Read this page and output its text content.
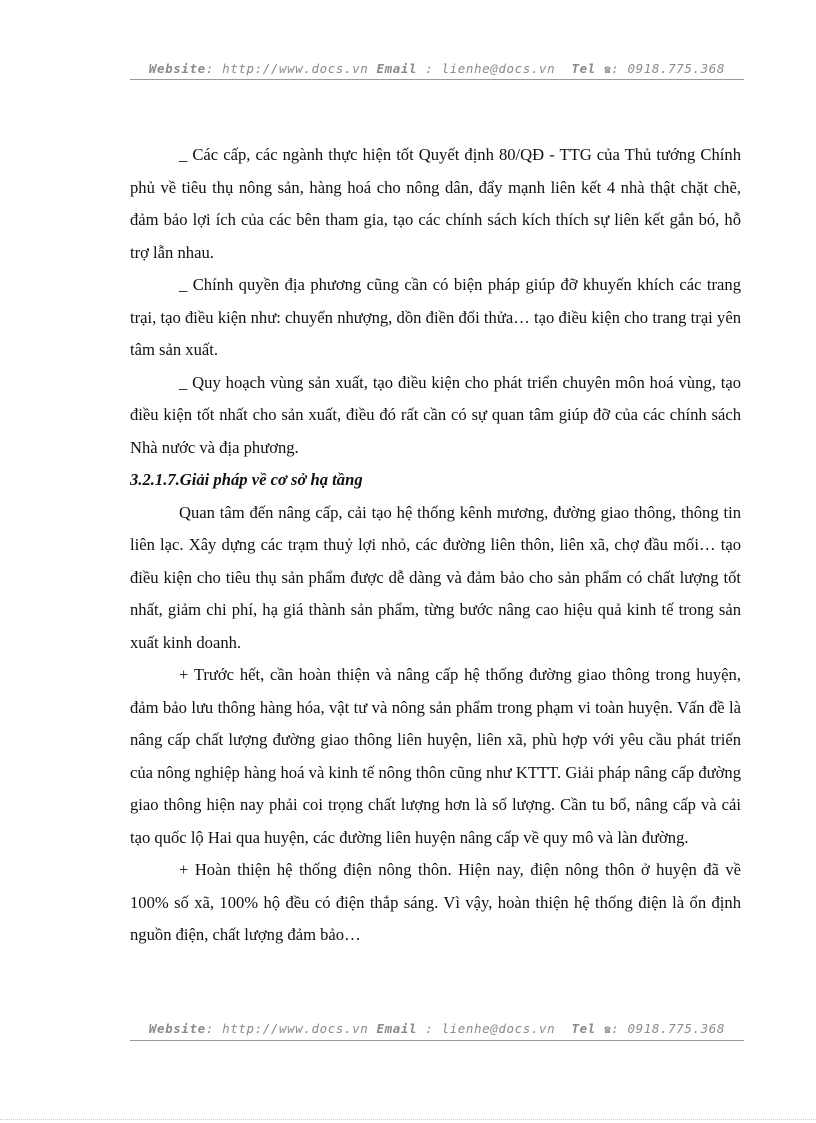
Website: http://www.docs.vn Email : lienhe@docs.vn Tel ☎: 0918.775.368

_ Các cấp, các ngành thực hiện tốt Quyết định 80/QĐ - TTG của Thủ tướng Chính phủ về tiêu thụ nông sản, hàng hoá cho nông dân, đẩy mạnh liên kết 4 nhà thật chặt chẽ, đảm bảo lợi ích của các bên tham gia, tạo các chính sách kích thích sự liên kết gắn bó, hỗ trợ lẫn nhau.

_ Chính quyền địa phương cũng cần có biện pháp giúp đỡ khuyến khích các trang trại, tạo điều kiện như: chuyển nhượng, dồn điền đổi thửa… tạo điều kiện cho trang trại yên tâm sản xuất.

_ Quy hoạch vùng sản xuất, tạo điều kiện cho phát triển chuyên môn hoá vùng, tạo điều kiện tốt nhất cho sản xuất, điều đó rất cần có sự quan tâm giúp đỡ của các chính sách Nhà nước và địa phương.

3.2.1.7.Giải pháp về cơ sở hạ tầng

Quan tâm đến nâng cấp, cải tạo hệ thống kênh mương, đường giao thông, thông tin liên lạc. Xây dựng các trạm thuỷ lợi nhỏ, các đường liên thôn, liên xã, chợ đầu mối… tạo điều kiện cho tiêu thụ sản phẩm được dễ dàng và đảm bảo cho sản phẩm có chất lượng tốt nhất, giảm chi phí, hạ giá thành sản phẩm, từng bước nâng cao hiệu quả kinh tế trong sản xuất kinh doanh.

+ Trước hết, cần hoàn thiện và nâng cấp hệ thống đường giao thông trong huyện, đảm bảo lưu thông hàng hóa, vật tư và nông sản phẩm trong phạm vi toàn huyện. Vấn đề là nâng cấp chất lượng đường giao thông liên huyện, liên xã, phù hợp với yêu cầu phát triển của nông nghiệp hàng hoá và kinh tế nông thôn cũng như KTTT. Giải pháp nâng cấp đường giao thông hiện nay phải coi trọng chất lượng hơn là số lượng. Cần tu bổ, nâng cấp và cải tạo quốc lộ Hai qua huyện, các đường liên huyện nâng cấp về quy mô và làn đường.

+ Hoàn thiện hệ thống điện nông thôn. Hiện nay, điện nông thôn ở huyện đã về 100% số xã, 100% hộ đều có điện thắp sáng. Vì vậy, hoàn thiện hệ thống điện là ổn định nguồn điện, chất lượng đảm bảo…

Website: http://www.docs.vn Email : lienhe@docs.vn Tel ☎: 0918.775.368
